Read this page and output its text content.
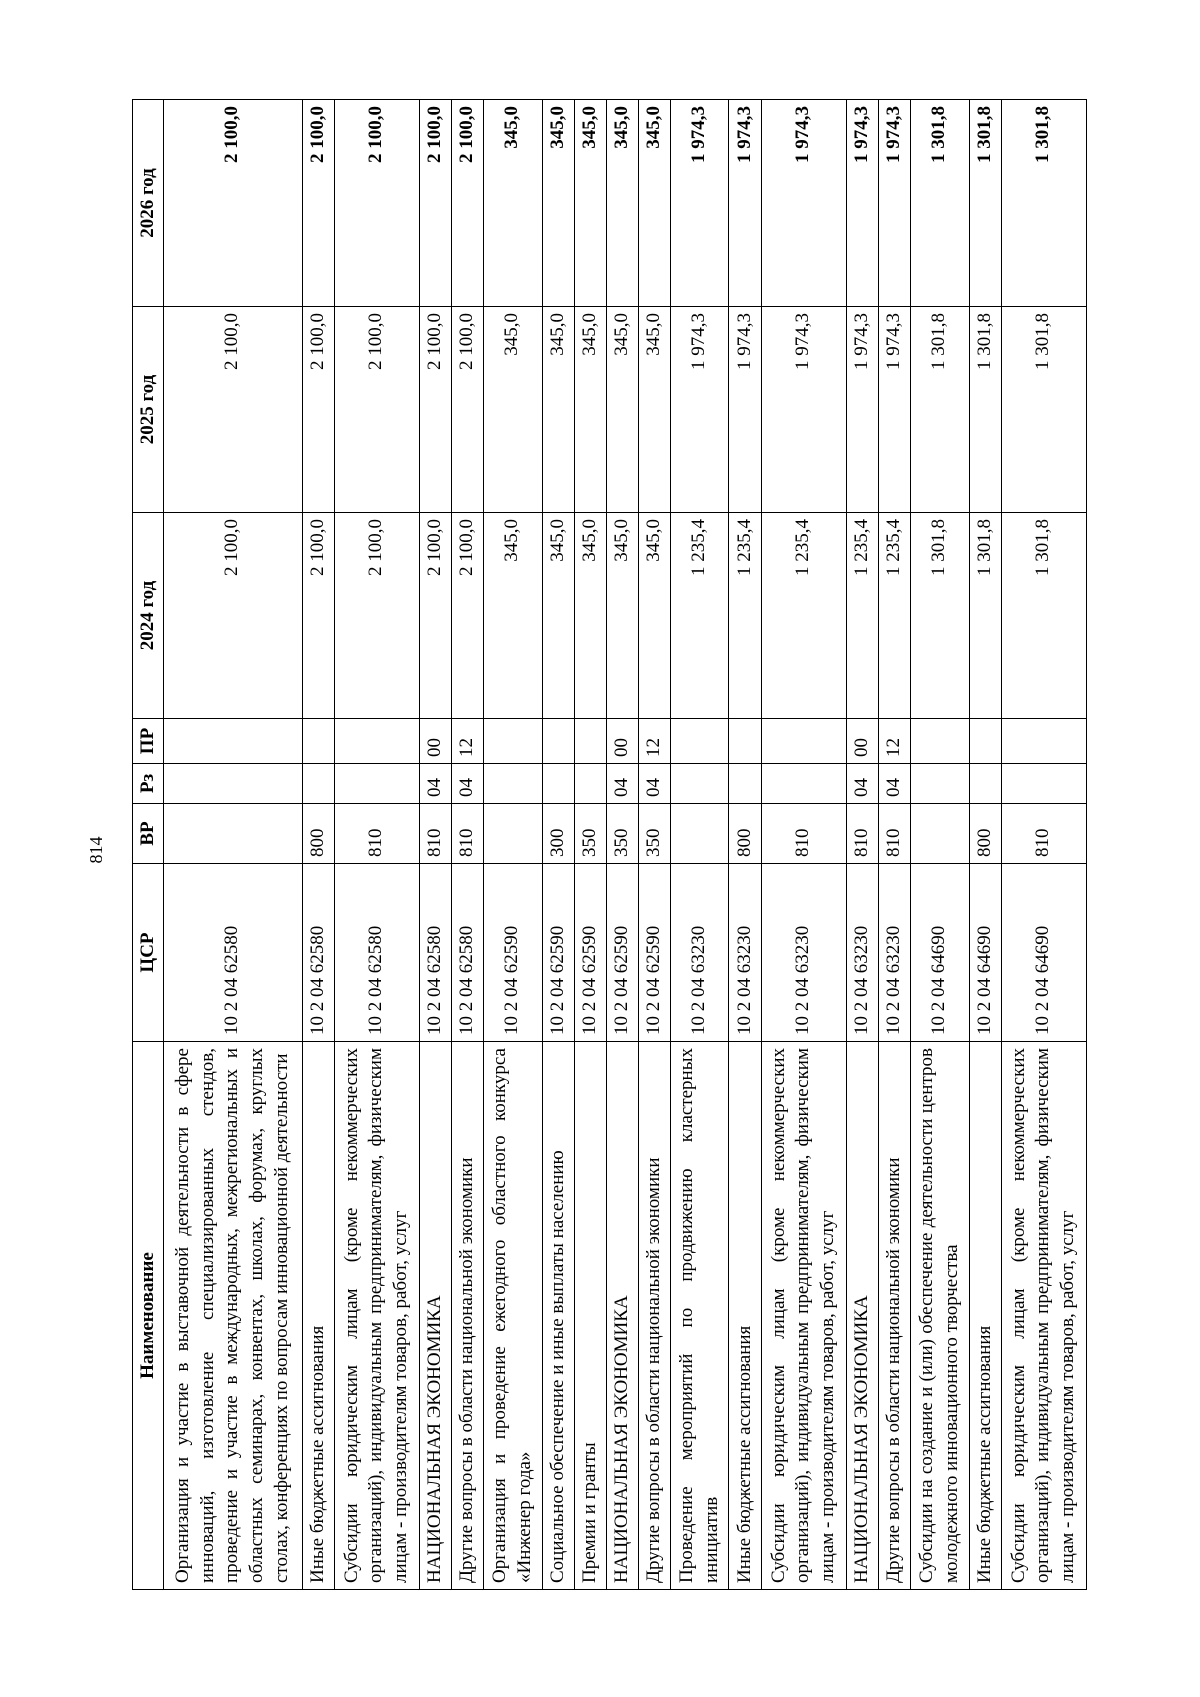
814
Наименование	ЦСР	ВР	Рз	ПР	2024 год	2025 год	2026 год
Организация и участие в выставочной деятельности в сфере инноваций, изготовление специализированных стендов, проведение и участие в международных, межрегиональных и областных семинарах, конвентах, школах, форумах, круглых столах, конференциях по вопросам инновационной деятельности	10 2 04 62580				2 100,0	2 100,0	2 100,0
Иные бюджетные ассигнования	10 2 04 62580	800			2 100,0	2 100,0	2 100,0
Субсидии юридическим лицам (кроме некоммерческих организаций), индивидуальным предпринимателям, физическим лицам - производителям товаров, работ, услуг	10 2 04 62580	810			2 100,0	2 100,0	2 100,0
НАЦИОНАЛЬНАЯ ЭКОНОМИКА	10 2 04 62580	810	04	00	2 100,0	2 100,0	2 100,0
Другие вопросы в области национальной экономики	10 2 04 62580	810	04	12	2 100,0	2 100,0	2 100,0
Организация и проведение ежегодного областного конкурса «Инженер года»	10 2 04 62590				345,0	345,0	345,0
Социальное обеспечение и иные выплаты населению	10 2 04 62590	300			345,0	345,0	345,0
Премии и гранты	10 2 04 62590	350			345,0	345,0	345,0
НАЦИОНАЛЬНАЯ ЭКОНОМИКА	10 2 04 62590	350	04	00	345,0	345,0	345,0
Другие вопросы в области национальной экономики	10 2 04 62590	350	04	12	345,0	345,0	345,0
Проведение мероприятий по продвижению кластерных инициатив	10 2 04 63230				1 235,4	1 974,3	1 974,3
Иные бюджетные ассигнования	10 2 04 63230	800			1 235,4	1 974,3	1 974,3
Субсидии юридическим лицам (кроме некоммерческих организаций), индивидуальным предпринимателям, физическим лицам - производителям товаров, работ, услуг	10 2 04 63230	810			1 235,4	1 974,3	1 974,3
НАЦИОНАЛЬНАЯ ЭКОНОМИКА	10 2 04 63230	810	04	00	1 235,4	1 974,3	1 974,3
Другие вопросы в области национальной экономики	10 2 04 63230	810	04	12	1 235,4	1 974,3	1 974,3
Субсидии на создание и (или) обеспечение деятельности центров молодежного инновационного творчества	10 2 04 64690				1 301,8	1 301,8	1 301,8
Иные бюджетные ассигнования	10 2 04 64690	800			1 301,8	1 301,8	1 301,8
Субсидии юридическим лицам (кроме некоммерческих организаций), индивидуальным предпринимателям, физическим лицам - производителям товаров, работ, услуг	10 2 04 64690	810			1 301,8	1 301,8	1 301,8
